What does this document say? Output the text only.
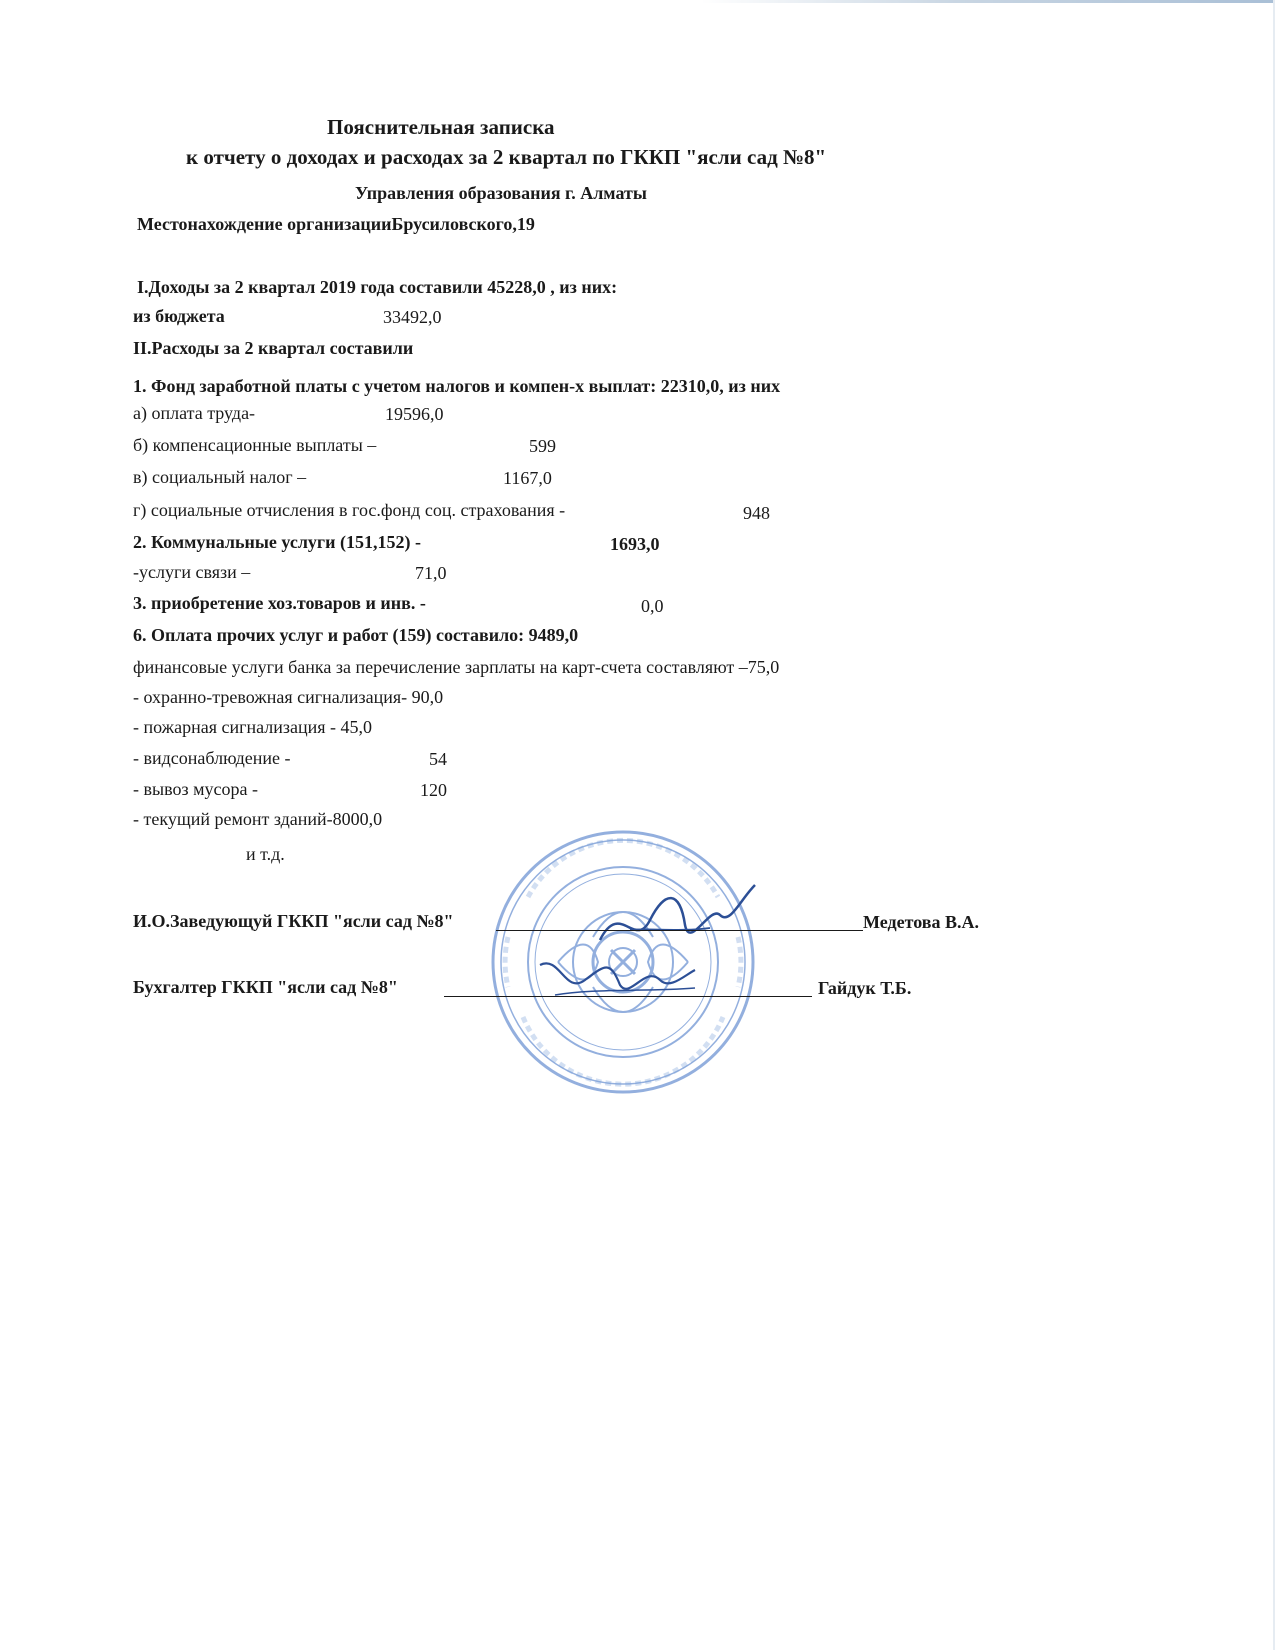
Пояснительная записка
к отчету о доходах и расходах за 2 квартал по ГККП "ясли сад №8"
Управления образования г. Алматы
Местонахождение организацииБрусиловского,19
I.Доходы за 2 квартал 2019 года составили 45228,0 , из них:
из бюджета	33492,0
II.Расходы за 2 квартал составили
1. Фонд заработной платы с учетом налогов и компен-х выплат: 22310,0, из них
а) оплата труда-	19596,0
б) компенсационные выплаты –	599
в) социальный налог –	1167,0
г) социальные отчисления в гос.фонд соц. страхования -	948
2. Коммунальные услуги (151,152) -	1693,0
-услуги связи –	71,0
3. приобретение хоз.товаров и инв. -	0,0
6. Оплата прочих услуг и работ (159) составило: 9489,0
финансовые услуги банка за перечисление зарплаты на карт-счета составляют –75,0
- охранно-тревожная сигнализация- 90,0
- пожарная сигнализация - 45,0
- видсонаблюдение -	54
- вывоз мусора -	120
- текущий ремонт зданий-8000,0
и т.д.
И.О.Заведующуй ГККП "ясли сад №8"	Медетова В.А.
Бухгалтер ГККП "ясли сад №8"	Гайдук Т.Б.
